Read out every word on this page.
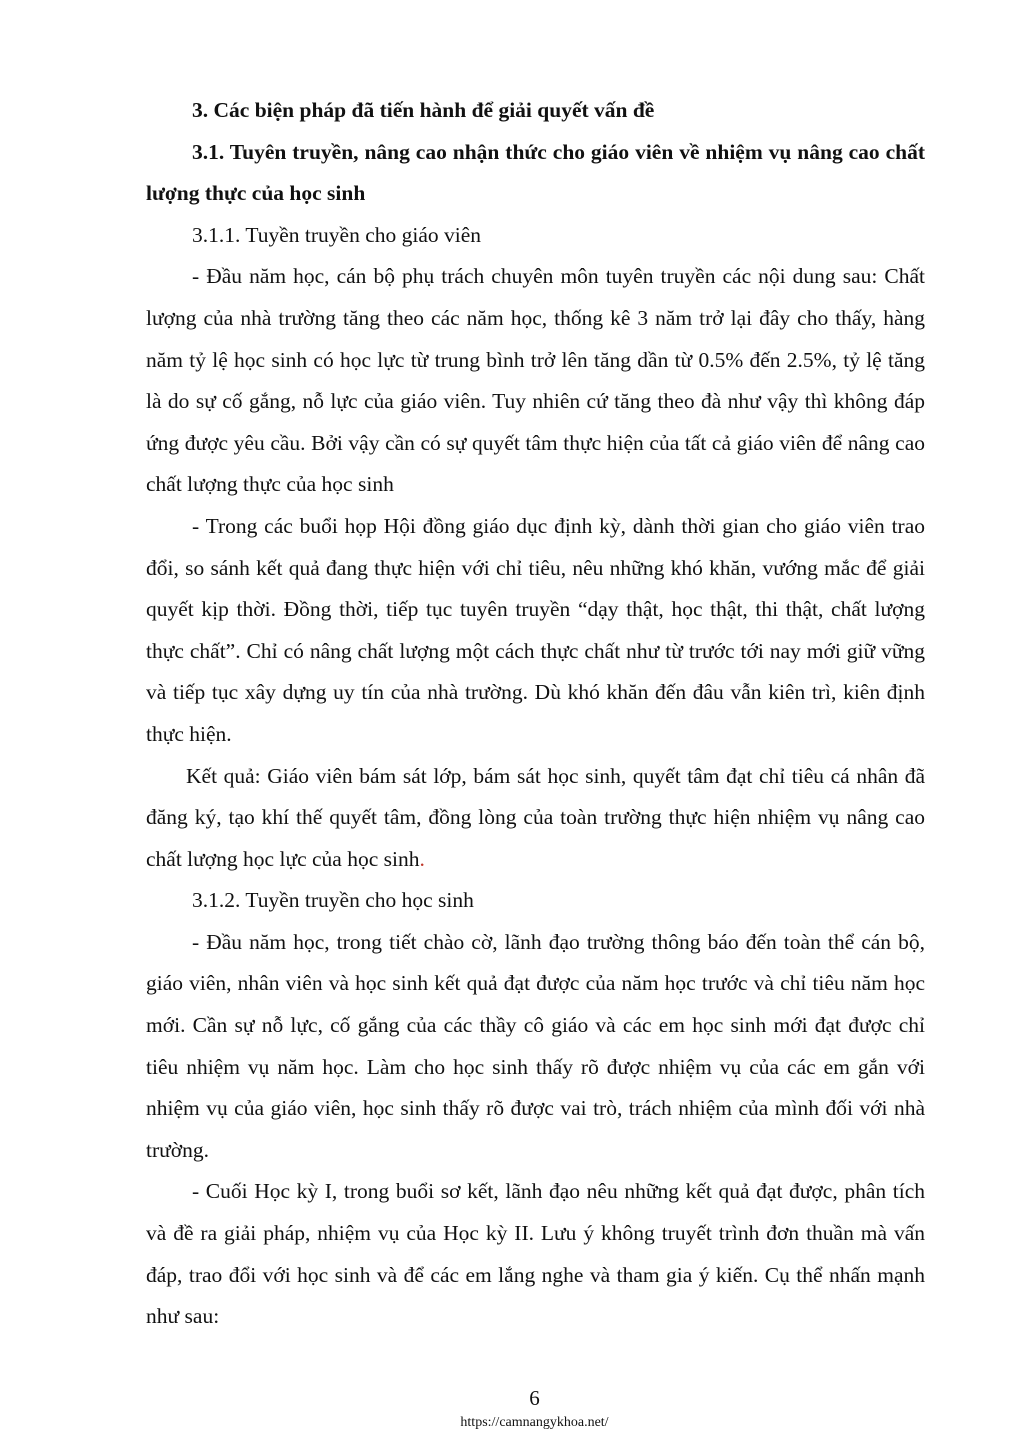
3. Các biện pháp đã tiến hành để giải quyết vấn đề

3.1. Tuyên truyền, nâng cao nhận thức cho giáo viên về nhiệm vụ nâng cao chất lượng thực của học sinh

3.1.1. Tuyền truyền cho giáo viên

- Đầu năm học, cán bộ phụ trách chuyên môn tuyên truyền các nội dung sau: Chất lượng của nhà trường tăng theo các năm học, thống kê 3 năm trở lại đây cho thấy, hàng năm tỷ lệ học sinh có học lực từ trung bình trở lên tăng dần từ 0.5% đến 2.5%, tỷ lệ tăng là do sự cố gắng, nỗ lực của giáo viên. Tuy nhiên cứ tăng theo đà như vậy thì không đáp ứng được yêu cầu. Bởi vậy cần có sự quyết tâm thực hiện của tất cả giáo viên để nâng cao chất lượng thực của học sinh

- Trong các buổi họp Hội đồng giáo dục định kỳ, dành thời gian cho giáo viên trao đổi, so sánh kết quả đang thực hiện với chỉ tiêu, nêu những khó khăn, vướng mắc để giải quyết kịp thời. Đồng thời, tiếp tục tuyên truyền “dạy thật, học thật, thi thật, chất lượng thực chất”. Chỉ có nâng chất lượng một cách thực chất như từ trước tới nay mới giữ vững và tiếp tục xây dựng uy tín của nhà trường. Dù khó khăn đến đâu vẫn kiên trì, kiên định thực hiện.

Kết quả: Giáo viên bám sát lớp, bám sát học sinh, quyết tâm đạt chỉ tiêu cá nhân đã đăng ký, tạo khí thế quyết tâm, đồng lòng của toàn trường thực hiện nhiệm vụ nâng cao chất lượng học lực của học sinh.

3.1.2. Tuyền truyền cho học sinh

- Đầu năm học, trong tiết chào cờ, lãnh đạo trường thông báo đến toàn thể cán bộ, giáo viên, nhân viên và học sinh kết quả đạt được của năm học trước và chỉ tiêu năm học mới. Cần sự nỗ lực, cố gắng của các thầy cô giáo và các em học sinh mới đạt được chỉ tiêu nhiệm vụ năm học. Làm cho học sinh thấy rõ được nhiệm vụ của các em gắn với nhiệm vụ của giáo viên, học sinh thấy rõ được vai trò, trách nhiệm của mình đối với nhà trường.

- Cuối Học kỳ I, trong buổi sơ kết, lãnh đạo nêu những kết quả đạt được, phân tích và đề ra giải pháp, nhiệm vụ của Học kỳ II. Lưu ý không truyết trình đơn thuần mà vấn đáp, trao đổi với học sinh và để các em lắng nghe và tham gia ý kiến. Cụ thể nhấn mạnh như sau:

6
https://camnangykhoa.net/
